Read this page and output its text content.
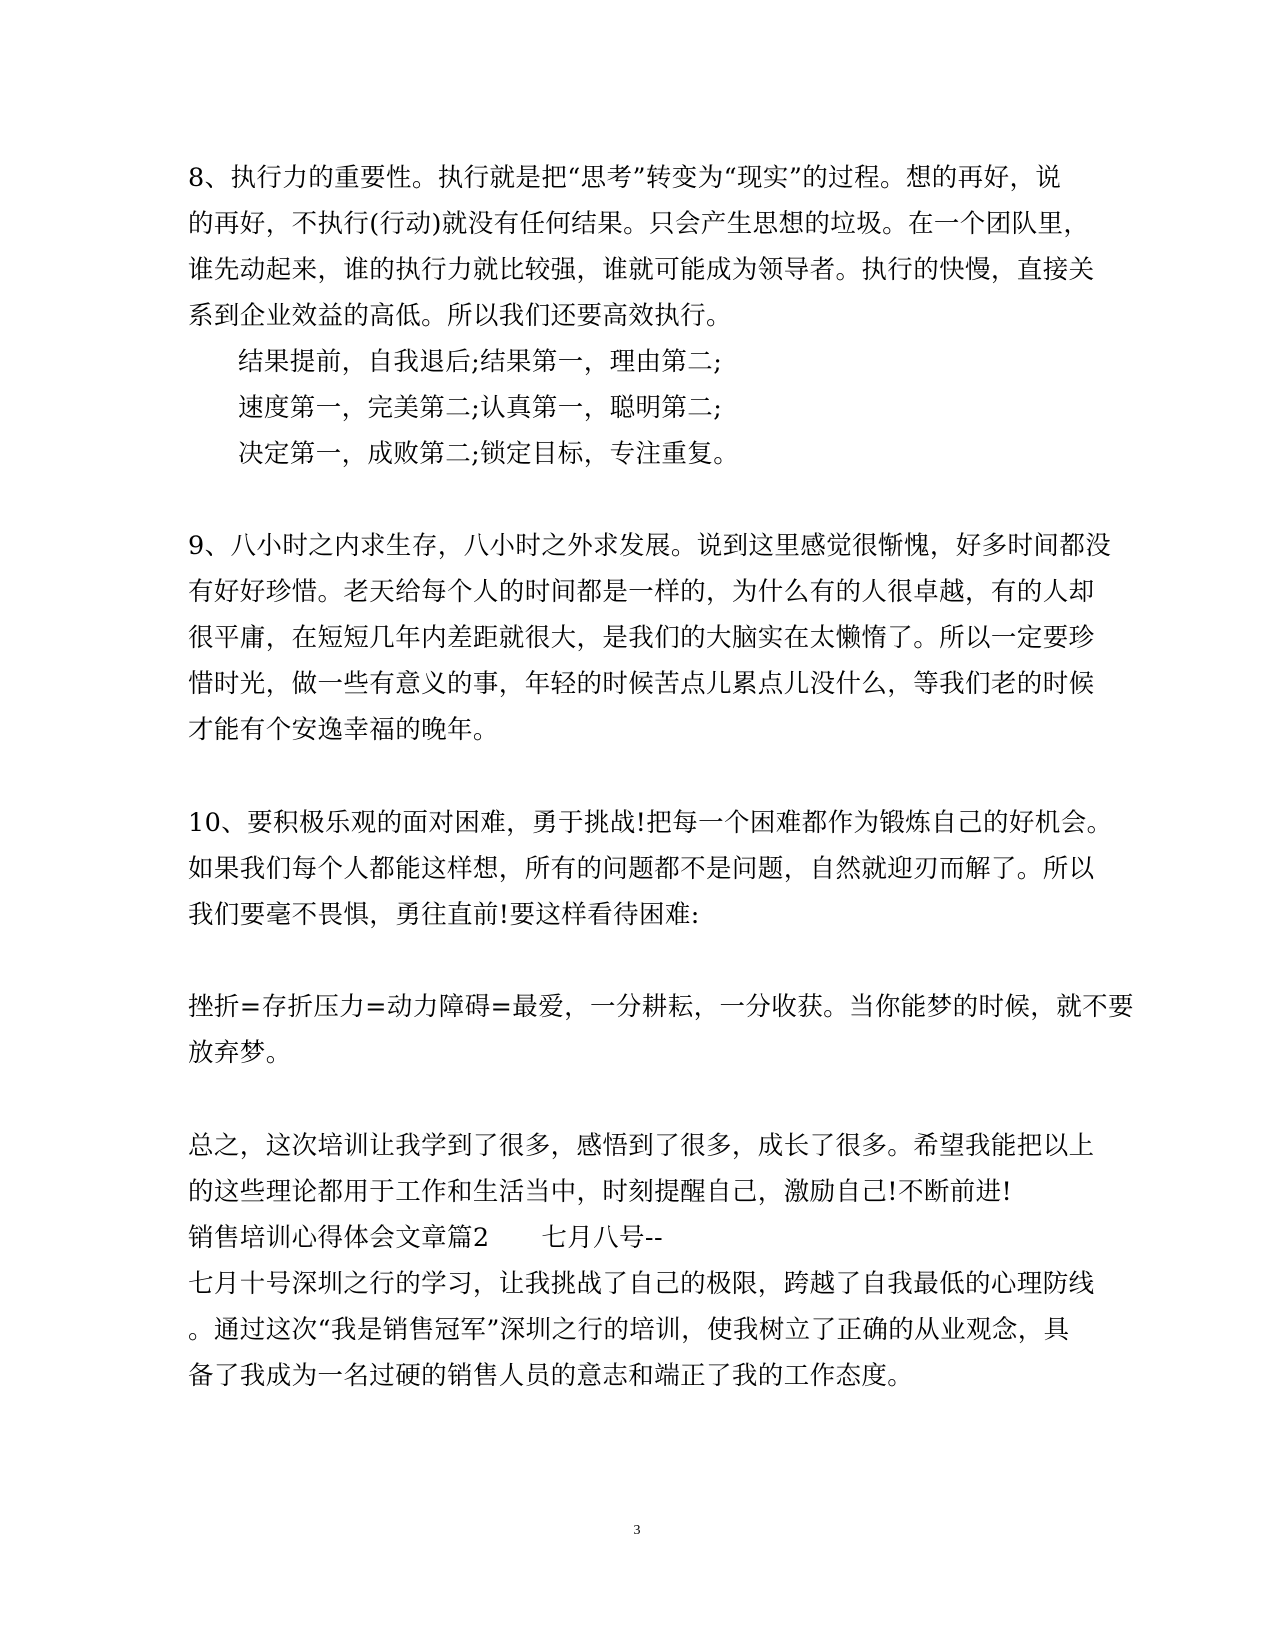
8、执行力的重要性。执行就是把“思考”转变为“现实”的过程。想的再好，说
的再好，不执行(行动)就没有任何结果。只会产生思想的垃圾。在一个团队里，
谁先动起来，谁的执行力就比较强，谁就可能成为领导者。执行的快慢，直接关
系到企业效益的高低。所以我们还要高效执行。
结果提前，自我退后;结果第一，理由第二;
速度第一，完美第二;认真第一，聪明第二;
决定第一，成败第二;锁定目标，专注重复。
9、八小时之内求生存，八小时之外求发展。说到这里感觉很惭愧，好多时间都没
有好好珍惜。老天给每个人的时间都是一样的，为什么有的人很卓越，有的人却
很平庸，在短短几年内差距就很大，是我们的大脑实在太懒惰了。所以一定要珍
惜时光，做一些有意义的事，年轻的时候苦点儿累点儿没什么，等我们老的时候
才能有个安逸幸福的晚年。
10、要积极乐观的面对困难，勇于挑战!把每一个困难都作为锻炼自己的好机会。
如果我们每个人都能这样想，所有的问题都不是问题，自然就迎刃而解了。所以
我们要毫不畏惧，勇往直前!要这样看待困难:
挫折=存折压力=动力障碍=最爱，一分耕耘，一分收获。当你能梦的时候，就不要
放弃梦。
总之，这次培训让我学到了很多，感悟到了很多，成长了很多。希望我能把以上
的这些理论都用于工作和生活当中，时刻提醒自己，激励自己!不断前进!
销售培训心得体会文章篇2　　七月八号--
七月十号深圳之行的学习，让我挑战了自己的极限，跨越了自我最低的心理防线
。通过这次“我是销售冠军”深圳之行的培训，使我树立了正确的从业观念，具
备了我成为一名过硬的销售人员的意志和端正了我的工作态度。
3
